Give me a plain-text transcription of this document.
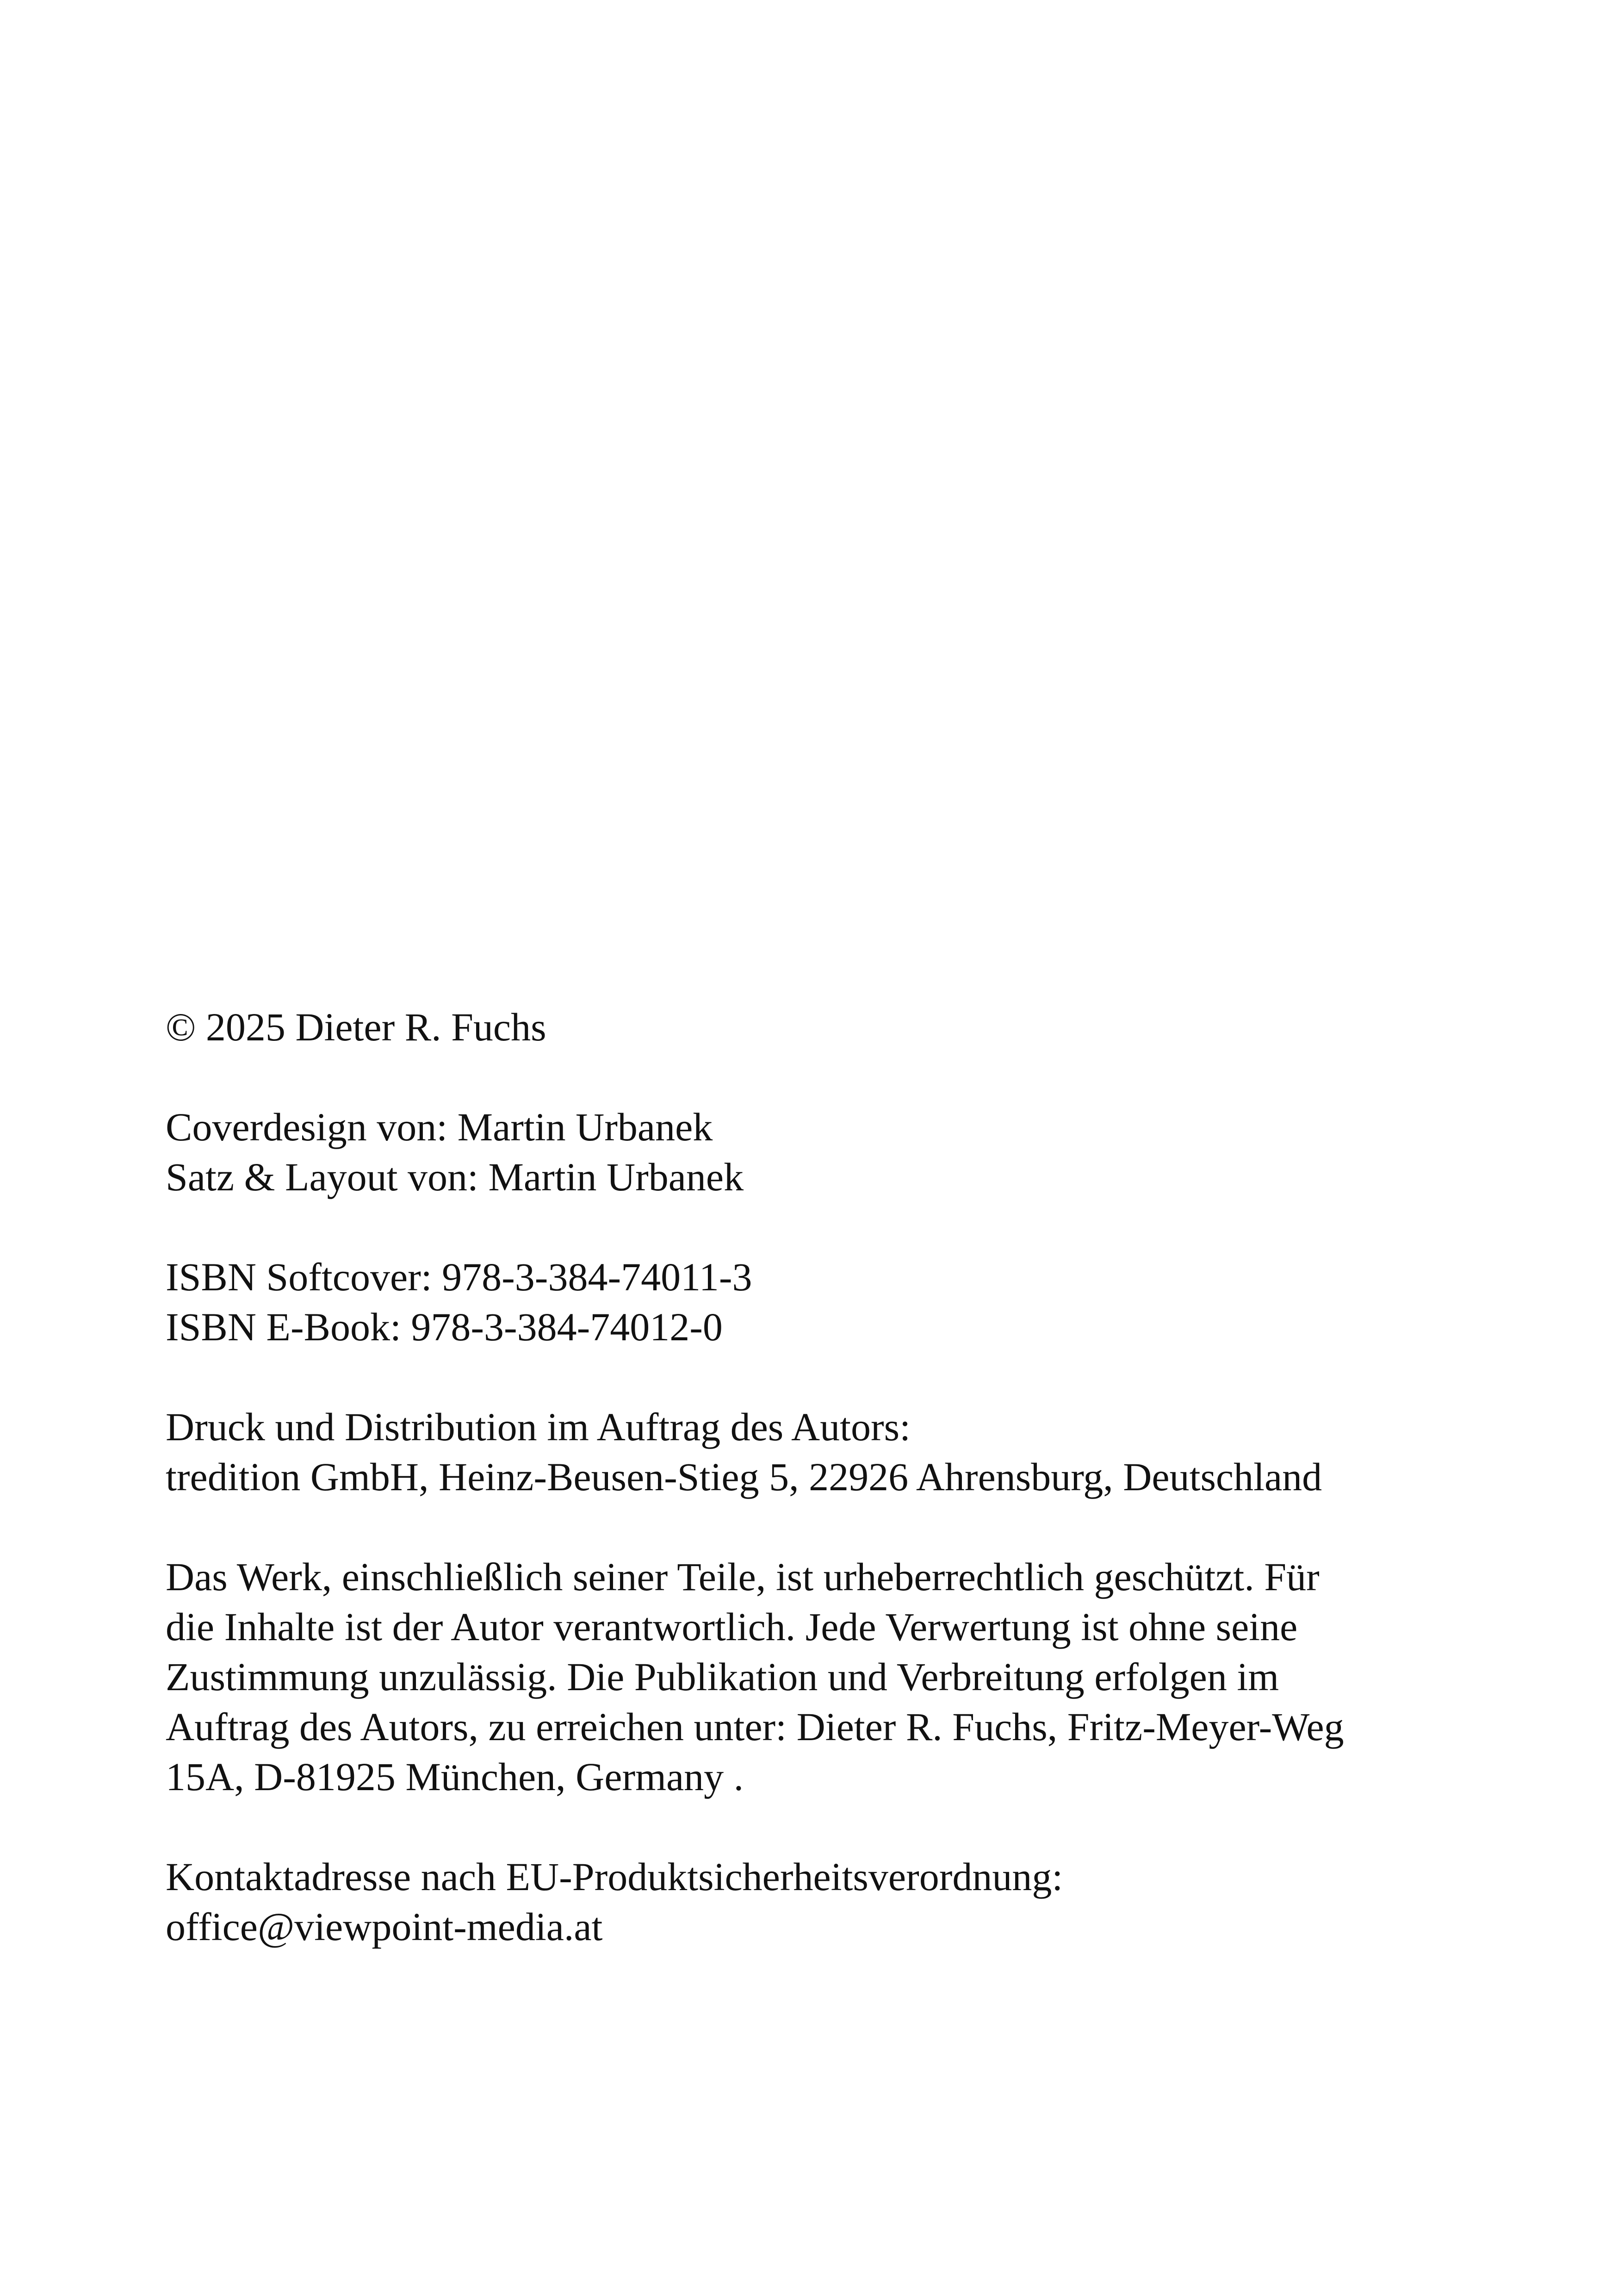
© 2025 Dieter R. Fuchs
Coverdesign von: Martin Urbanek
Satz & Layout von: Martin Urbanek
ISBN Softcover: 978-3-384-74011-3
ISBN E-Book: 978-3-384-74012-0
Druck und Distribution im Auftrag des Autors:
tredition GmbH, Heinz-Beusen-Stieg 5, 22926 Ahrensburg, Deutschland
Das Werk, einschließlich seiner Teile, ist urheberrechtlich geschützt. Für
die Inhalte ist der Autor verantwortlich. Jede Verwertung ist ohne seine
Zustimmung unzulässig. Die Publikation und Verbreitung erfolgen im
Auftrag des Autors, zu erreichen unter: Dieter R. Fuchs, Fritz-Meyer-Weg
15A, D-81925 München, Germany .
Kontaktadresse nach EU-Produktsicherheitsverordnung:
office@viewpoint-media.at
